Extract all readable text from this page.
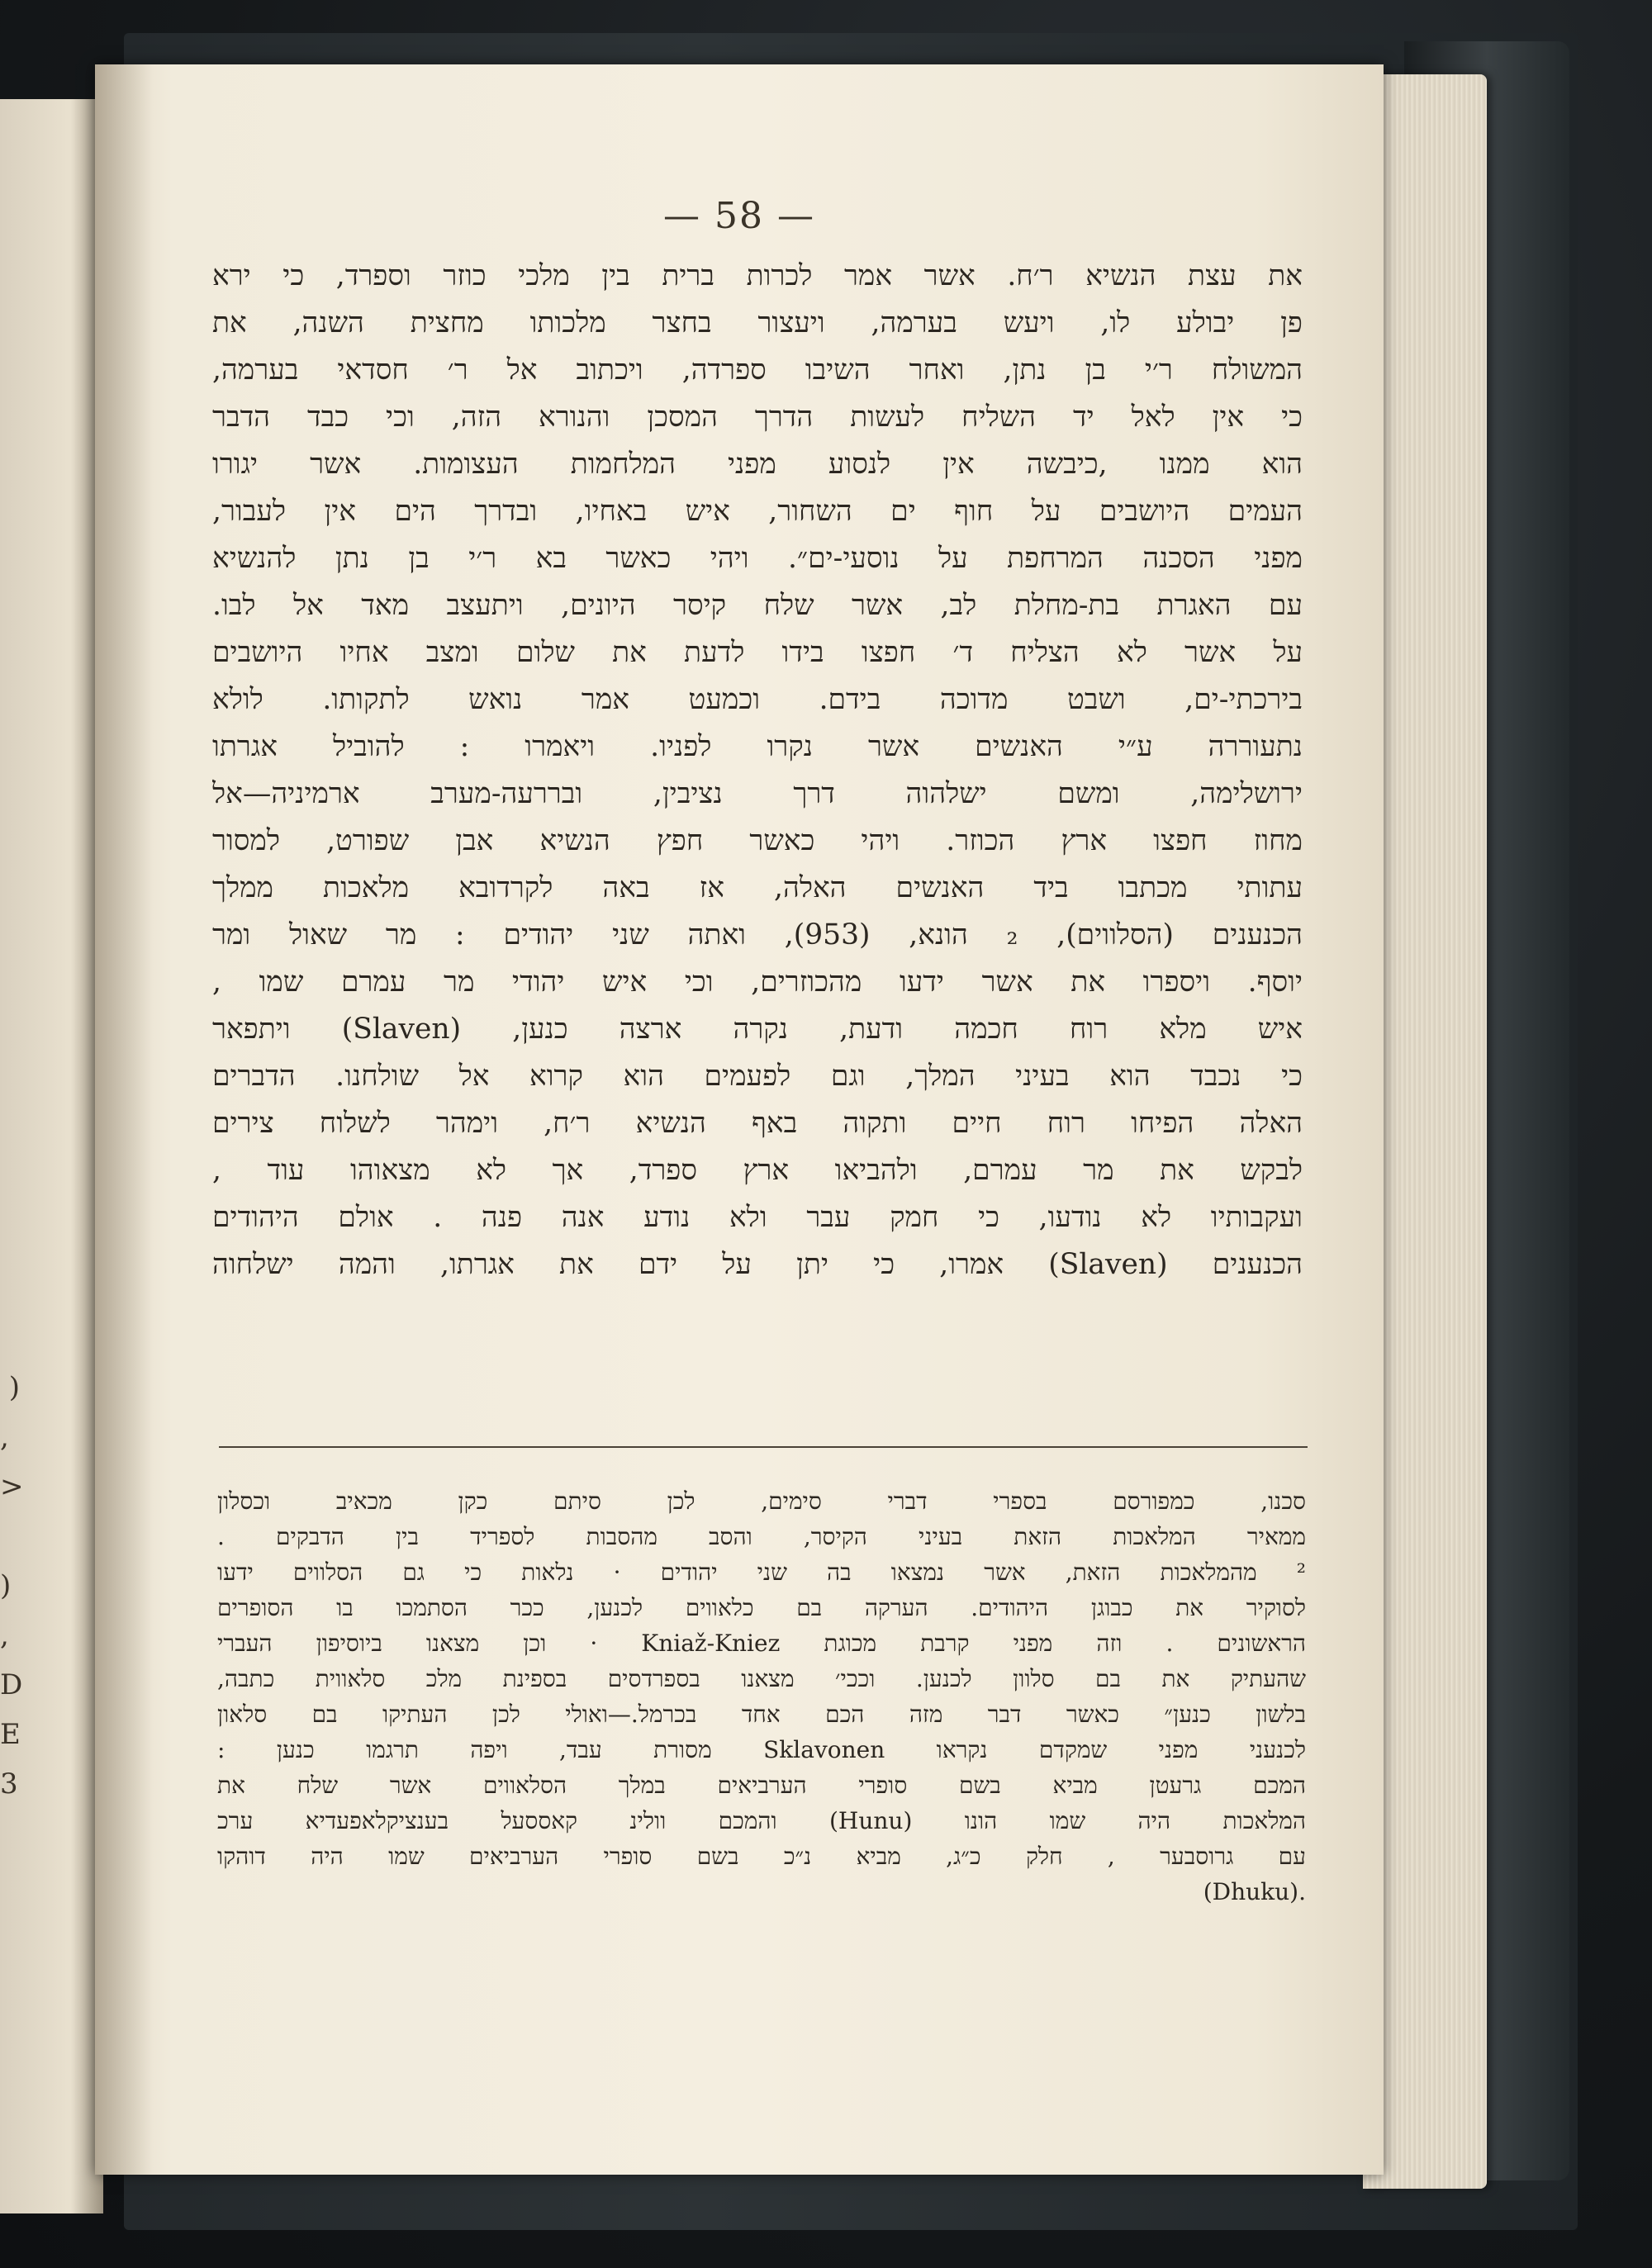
)
,
>

)
,
D
E
3

— 58 —
את עצת הנשיא ר׳ח. אשר אמר לכרות ברית בין מלכי כוזר וספרד, כי ירא
פן יבולע לו, ויעש בערמה, ויעצור בחצר מלכותו מחצית השנה, את
המשולח ר׳י בן נתן, ואחר השיבו ספרדה, ויכתוב אל ר׳ חסדאי בערמה,
כי אין לאל יד השליח לעשות הדרך המסכן והנורא הזה, וכי כבד הדבר
הוא ממנו ,כיבשה אין לנסוע מפני המלחמות העצומות. אשר יגורו
העמים היושבים על חוף ים השחור, איש באחיו, ובדרך הים אין לעבור,
מפני הסכנה המרחפת על נוסעי-ים״. ויהי כאשר בא ר׳י בן נתן להנשיא
עם האגרת בת-מחלת לב, אשר שלח קיסר היונים, ויתעצב מאד אל לבו.
על אשר לא הצליח ד׳ חפצו בידו לדעת את שלום ומצב אחיו היושבים
בירכתי-ים, ושבט מדוכה בידם. וכמעט אמר נואש לתקותו. לולא
נתעוררה ע״י האנשים אשר נקרו לפניו. ויאמרו : להוביל אגרתו
ירושלימה, ומשם ישלהוה דרך נציבין, ובררעה-מערב ארמיניה—אל
מחוז חפצו ארץ הכוזר. ויהי כאשר חפץ הנשיא אבן שפורט, למסור
עתותי מכתבו ביד האנשים האלה, אז באה לקרדובא מלאכות ממלך
הכנענים (הסלווים), ₂ הונא, (953), ואתה שני יהודים : מר שאול ומר
יוסף. ויספרו את אשר ידעו מהכוזרים, וכי איש יהודי מר עמרם שמו ,
איש מלא רוח חכמה ודעת, נקרה ארצה כנען, (Slaven) ויתפאר
כי נכבד הוא בעיני המלך, וגם לפעמים הוא קרוא אל שולחנו. הדברים
האלה הפיחו רוח חיים ותקוה באף הנשיא ר׳ח, וימהר לשלוח צירים
לבקש את מר עמרם, ולהביאו ארץ ספרד, אך לא מצאוהו עוד ,
ועקבותיו לא נודעו, כי חמק עבר ולא נודע אנה פנה . אולם היהודים
הכנענים (Slaven) אמרו, כי יתן על ידם את אגרתו, והמה ישלחוה
סכנו, כמפורסם בספרי דברי סימים, לכן סיתם כקן מכאיב וכסלון
ממאיר המלאכות הזאת בעיני הקיסר, והסב מהסבות לספריד בין הדבקים .
² מהמלאכות הזאת, אשר נמצאו בה שני יהודים · נלאות כי גם הסלווים ידעו
לסוקיר את כבוגן היהודים. הערקה בם כלאווים לכנען, ככר הסתמכו בו הסופרים
הראשונים . וזה מפני קרבת מכוגת Kniaž-Kniez · וכן מצאנו ביוסיפון העברי
שהעתיק את בם סלוון לכנען. וככי׳ מצאנו בספרדסים בספינת מלכ סלאווית כתבה,
בלשון כנען״ כאשר דבר מזה הכם אחד בכרמל.—ואולי לכן העתיקו בם סלאון
לכנעני מפני שמקדם נקראו Sklavonen מסורת עבד, ויפה תרגמו כנען :
המכם גרעטן מביא בשם סופרי הערביאים במלך הסלאווים אשר שלח את
המלאכות היה שמו הונו (Hunu) והמכם וולינ קאססעל בענציקלאפעדיא ערכ
עם גרוסבער , חלק כ״ג, מביא נ״כ בשם סופרי הערביאים שמו היה דוהקו
.(Dhuku)
